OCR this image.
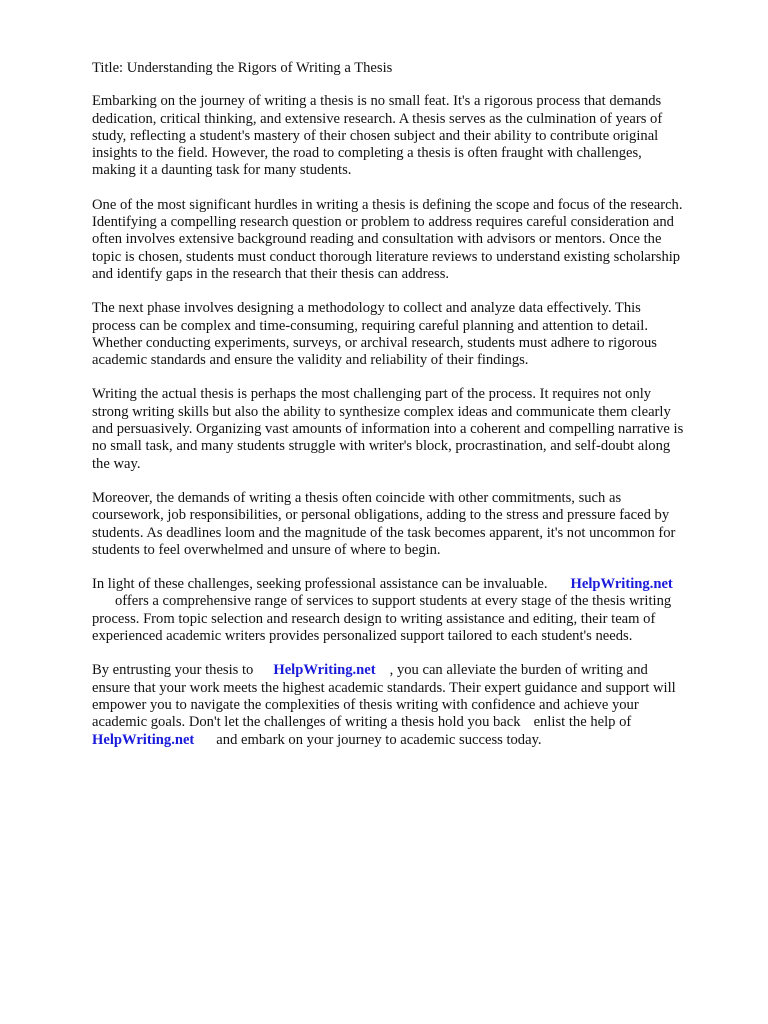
Title: Understanding the Rigors of Writing a Thesis

Embarking on the journey of writing a thesis is no small feat. It's a rigorous process that demands
dedication, critical thinking, and extensive research. A thesis serves as the culmination of years of
study, reflecting a student's mastery of their chosen subject and their ability to contribute original
insights to the field. However, the road to completing a thesis is often fraught with challenges,
making it a daunting task for many students.

One of the most significant hurdles in writing a thesis is defining the scope and focus of the research.
Identifying a compelling research question or problem to address requires careful consideration and
often involves extensive background reading and consultation with advisors or mentors. Once the
topic is chosen, students must conduct thorough literature reviews to understand existing scholarship
and identify gaps in the research that their thesis can address.

The next phase involves designing a methodology to collect and analyze data effectively. This
process can be complex and time-consuming, requiring careful planning and attention to detail.
Whether conducting experiments, surveys, or archival research, students must adhere to rigorous
academic standards and ensure the validity and reliability of their findings.

Writing the actual thesis is perhaps the most challenging part of the process. It requires not only
strong writing skills but also the ability to synthesize complex ideas and communicate them clearly
and persuasively. Organizing vast amounts of information into a coherent and compelling narrative is
no small task, and many students struggle with writer's block, procrastination, and self-doubt along
the way.

Moreover, the demands of writing a thesis often coincide with other commitments, such as
coursework, job responsibilities, or personal obligations, adding to the stress and pressure faced by
students. As deadlines loom and the magnitude of the task becomes apparent, it's not uncommon for
students to feel overwhelmed and unsure of where to begin.

In light of these challenges, seeking professional assistance can be invaluable. HelpWriting.net
offers a comprehensive range of services to support students at every stage of the thesis writing
process. From topic selection and research design to writing assistance and editing, their team of
experienced academic writers provides personalized support tailored to each student's needs.

By entrusting your thesis to HelpWriting.net , you can alleviate the burden of writing and
ensure that your work meets the highest academic standards. Their expert guidance and support will
empower you to navigate the complexities of thesis writing with confidence and achieve your
academic goals. Don't let the challenges of writing a thesis hold you back enlist the help of
HelpWriting.net and embark on your journey to academic success today.
